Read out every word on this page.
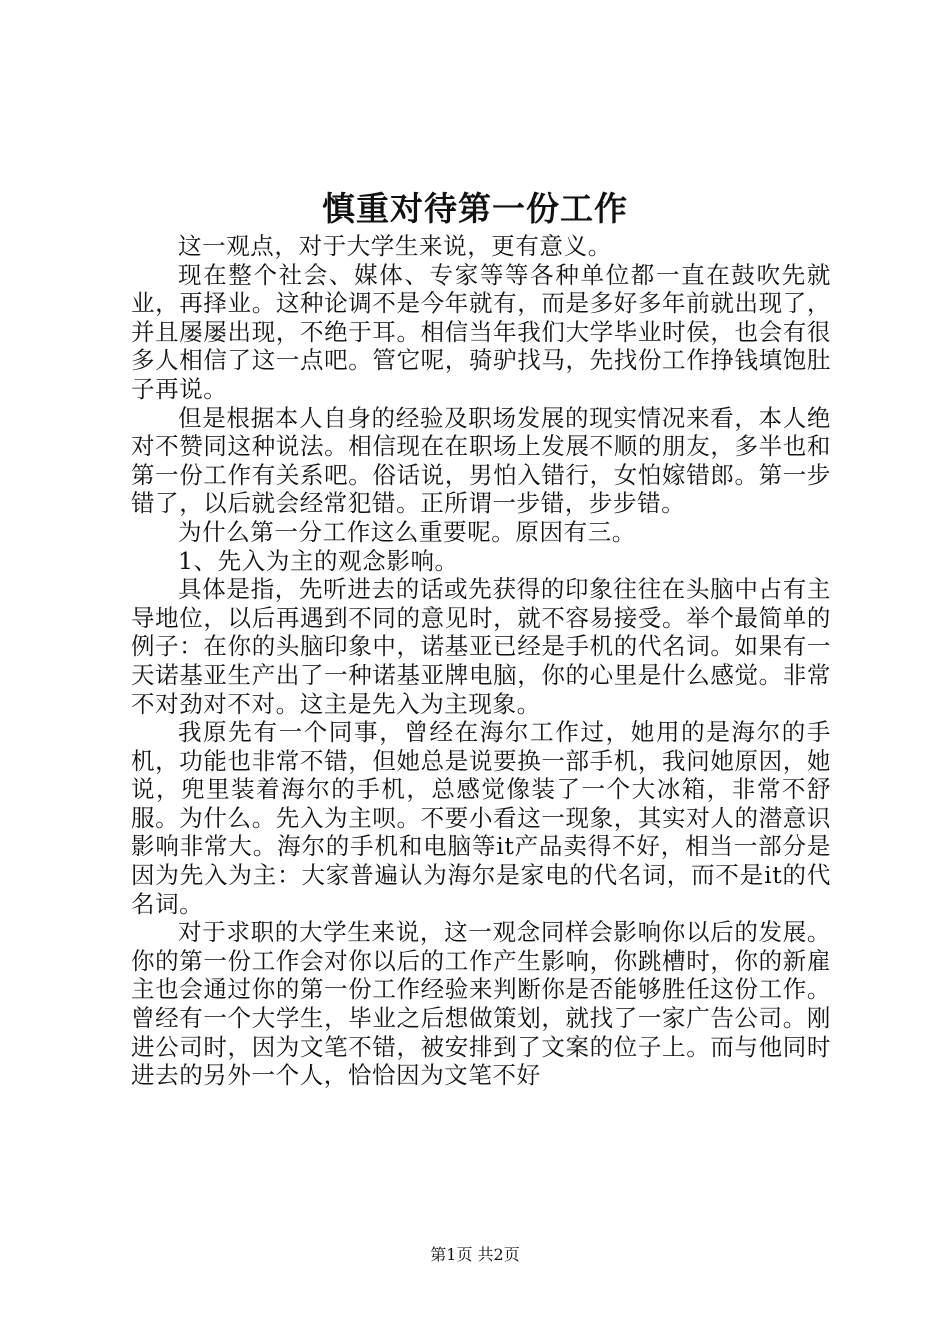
慎重对待第一份工作

这一观点，对于大学生来说，更有意义。

现在整个社会、媒体、专家等等各种单位都一直在鼓吹先就业，再择业。这种论调不是今年就有，而是多好多年前就出现了，并且屡屡出现，不绝于耳。相信当年我们大学毕业时侯，也会有很多人相信了这一点吧。管它呢，骑驴找马，先找份工作挣钱填饱肚子再说。

但是根据本人自身的经验及职场发展的现实情况来看，本人绝对不赞同这种说法。相信现在在职场上发展不顺的朋友，多半也和第一份工作有关系吧。俗话说，男怕入错行，女怕嫁错郎。第一步错了，以后就会经常犯错。正所谓一步错，步步错。

为什么第一分工作这么重要呢。原因有三。

1、先入为主的观念影响。

具体是指，先听进去的话或先获得的印象往往在头脑中占有主导地位，以后再遇到不同的意见时，就不容易接受。举个最简单的例子：在你的头脑印象中，诺基亚已经是手机的代名词。如果有一天诺基亚生产出了一种诺基亚牌电脑，你的心里是什么感觉。非常不对劲对不对。这主是先入为主现象。

我原先有一个同事，曾经在海尔工作过，她用的是海尔的手机，功能也非常不错，但她总是说要换一部手机，我问她原因，她说，兜里装着海尔的手机，总感觉像装了一个大冰箱，非常不舒服。为什么。先入为主呗。不要小看这一现象，其实对人的潜意识影响非常大。海尔的手机和电脑等it产品卖得不好，相当一部分是因为先入为主：大家普遍认为海尔是家电的代名词，而不是it的代名词。

对于求职的大学生来说，这一观念同样会影响你以后的发展。你的第一份工作会对你以后的工作产生影响，你跳槽时，你的新雇主也会通过你的第一份工作经验来判断你是否能够胜任这份工作。曾经有一个大学生，毕业之后想做策划，就找了一家广告公司。刚进公司时，因为文笔不错，被安排到了文案的位子上。而与他同时进去的另外一个人，恰恰因为文笔不好

第1页 共2页
